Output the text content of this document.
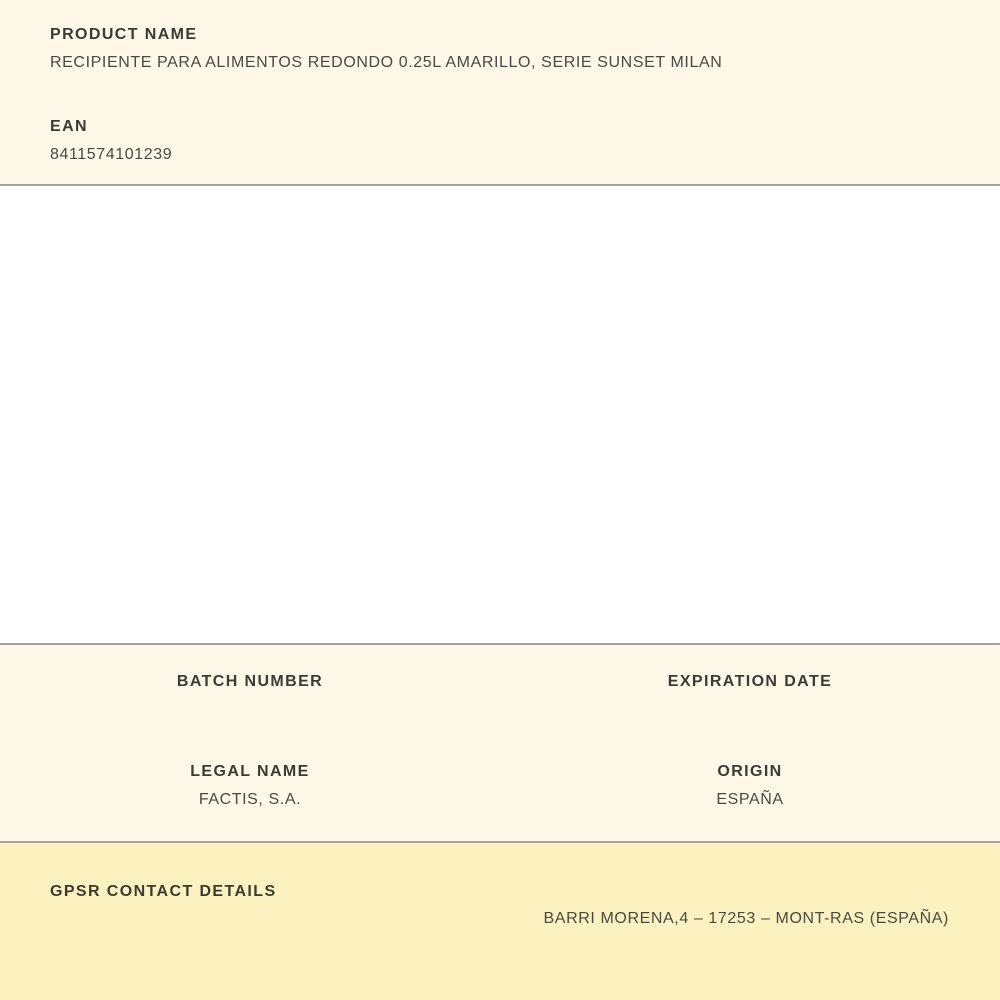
PRODUCT NAME
RECIPIENTE PARA ALIMENTOS REDONDO 0.25L AMARILLO, SERIE SUNSET MILAN
EAN
8411574101239
BATCH NUMBER	EXPIRATION DATE
LEGAL NAME
FACTIS, S.A.
ORIGIN
ESPAÑA
GPSR CONTACT DETAILS
BARRI MORENA,4 – 17253 – MONT-RAS (ESPAÑA)
